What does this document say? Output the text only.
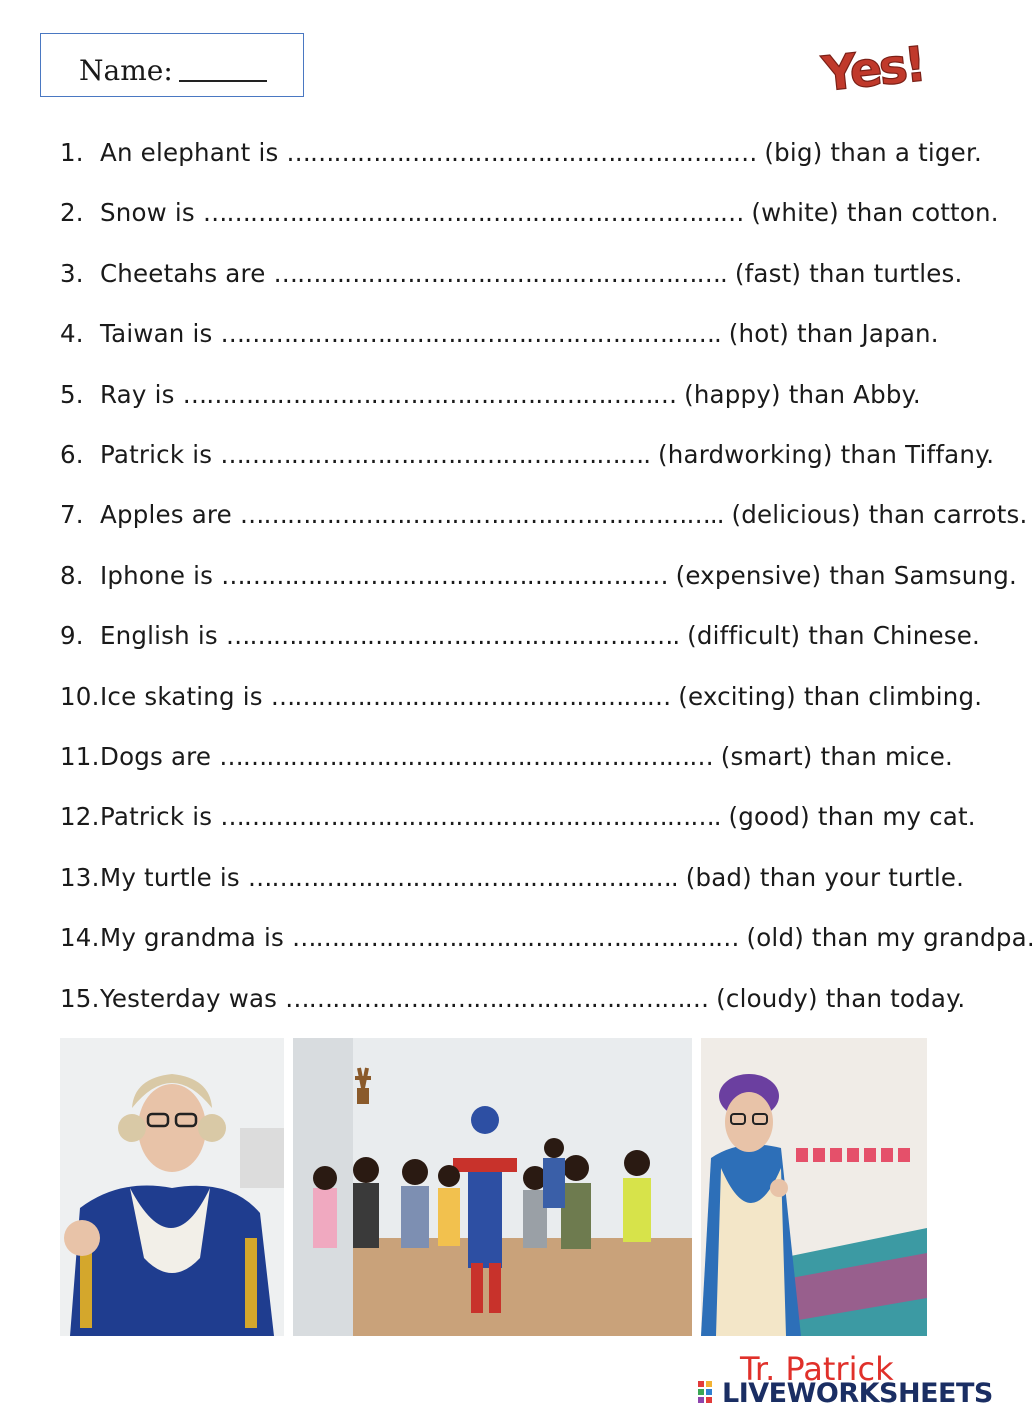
Name:	Yes!
1. An elephant is …………………………………………………… (big) than a tiger.
2. Snow is …………………………………………………………… (white) than cotton.
3. Cheetahs are …………………………………………………. (fast) than turtles.
4. Taiwan is ………………………………………………………. (hot) than Japan.
5. Ray is ……………………………………………………… (happy) than Abby.
6. Patrick is ………………………………………………. (hardworking) than Tiffany.
7. Apples are …………………………………………………….. (delicious) than carrots.
8. Iphone is ………………………………………………… (expensive) than Samsung.
9. English is …………………………………………………. (difficult) than Chinese.
10.Ice skating is …………………………………………… (exciting) than climbing.
11.Dogs are ……………………………………………………… (smart) than mice.
12.Patrick is ………………………………………………………. (good) than my cat.
13.My turtle is ………………………………………………. (bad) than your turtle.
14.My grandma is ………………………………………………… (old) than my grandpa.
15.Yesterday was ……………………………………………… (cloudy) than today.
Tr. Patrick
LIVEWORKSHEETS
